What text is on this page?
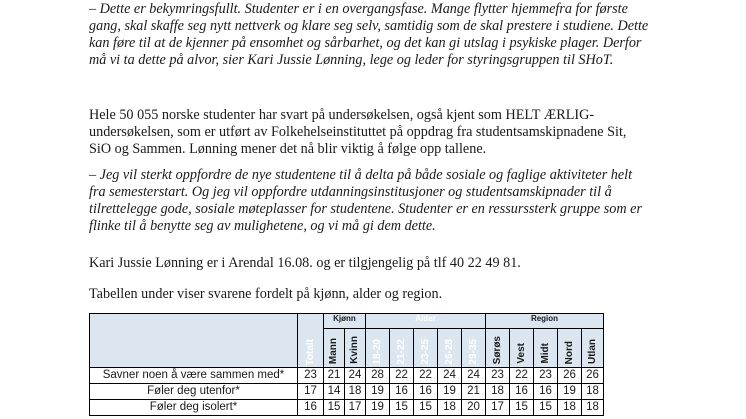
– Dette er bekymringsfullt. Studenter er i en overgangsfase. Mange flytter hjemmefra for første gang, skal skaffe seg nytt nettverk og klare seg selv, samtidig som de skal prestere i studiene. Dette kan føre til at de kjenner på ensomhet og sårbarhet, og det kan gi utslag i psykiske plager. Derfor må vi ta dette på alvor, sier Kari Jussie Lønning, lege og leder for styringsgruppen til SHoT.

Hele 50 055 norske studenter har svart på undersøkelsen, også kjent som HELT ÆRLIG-undersøkelsen, som er utført av Folkehelseinstituttet på oppdrag fra studentsamskipnadene Sit, SiO og Sammen. Lønning mener det nå blir viktig å følge opp tallene.

– Jeg vil sterkt oppfordre de nye studentene til å delta på både sosiale og faglige aktiviteter helt fra semesterstart. Og jeg vil oppfordre utdanningsinstitusjoner og studentsamskipnader til å tilrettelegge gode, sosiale møteplasser for studentene. Studenter er en ressurssterk gruppe som er flinke til å benytte seg av mulighetene, og vi må gi dem dette.

Kari Jussie Lønning er i Arendal 16.08. og er tilgjengelig på tlf 40 22 49 81.

Tabellen under viser svarene fordelt på kjønn, alder og region.

	Totalt	Kjønn		Alder					Region				
		Mann	Kvinn	18-20	21-22	23-25	26-28	29-35	Sørøs	Vest	Midt	Nord	Utlan
Savner noen å være sammen med*	23	21	24	28	22	22	24	24	23	22	23	26	26
Føler deg utenfor*	17	14	18	19	16	16	19	21	18	16	16	19	18
Føler deg isolert*	16	15	17	19	15	15	18	20	17	15	15	18	18
